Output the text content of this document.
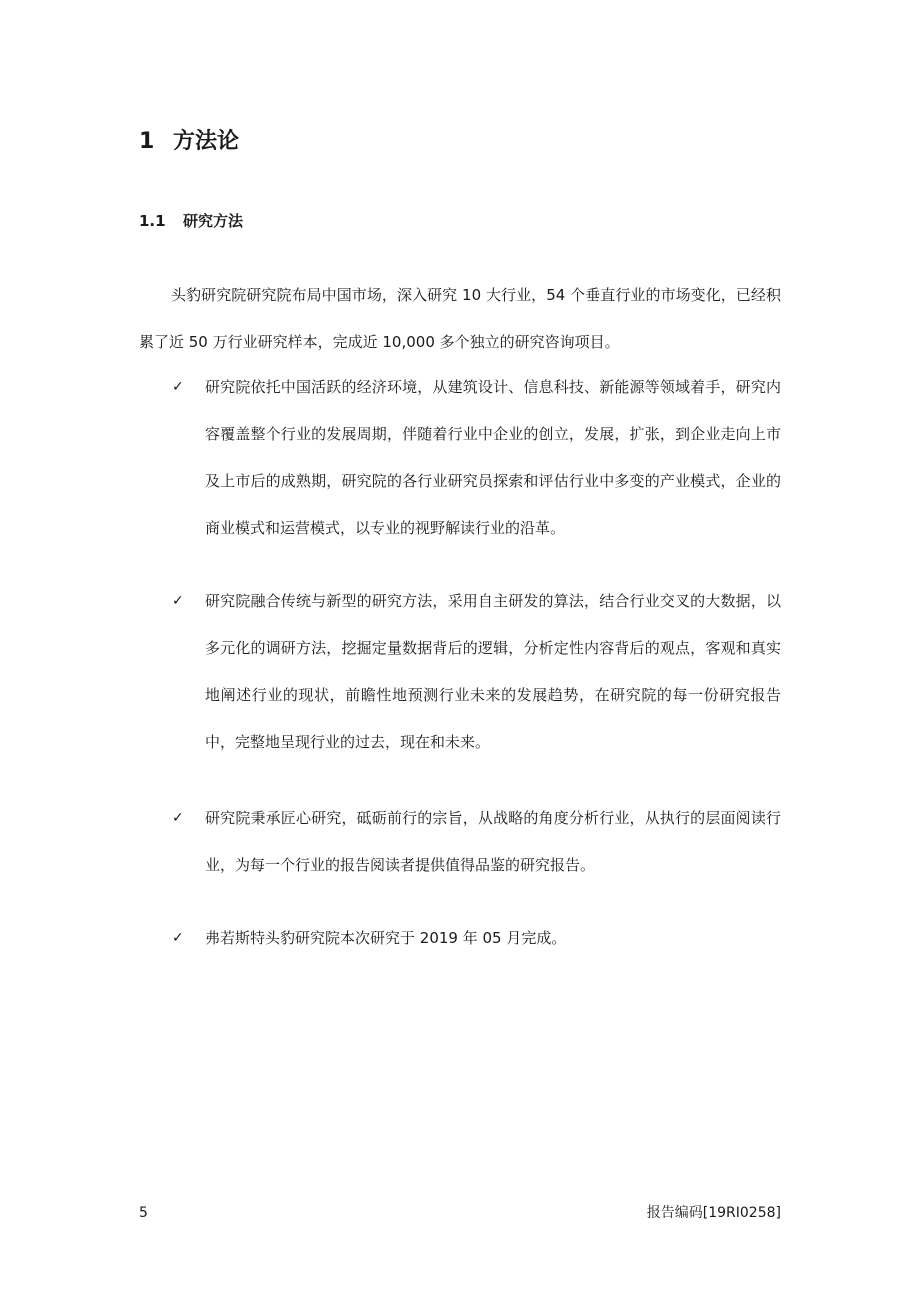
1 方法论
1.1 研究方法

头豹研究院研究院布局中国市场，深入研究 10 大行业，54 个垂直行业的市场变化，已经积累了近 50 万行业研究样本，完成近 10,000 多个独立的研究咨询项目。

✓	研究院依托中国活跃的经济环境，从建筑设计、信息科技、新能源等领域着手，研究内容覆盖整个行业的发展周期，伴随着行业中企业的创立，发展，扩张，到企业走向上市及上市后的成熟期，研究院的各行业研究员探索和评估行业中多变的产业模式，企业的商业模式和运营模式，以专业的视野解读行业的沿革。

✓	研究院融合传统与新型的研究方法，采用自主研发的算法，结合行业交叉的大数据，以多元化的调研方法，挖掘定量数据背后的逻辑，分析定性内容背后的观点，客观和真实地阐述行业的现状，前瞻性地预测行业未来的发展趋势，在研究院的每一份研究报告中，完整地呈现行业的过去，现在和未来。

✓	研究院秉承匠心研究，砥砺前行的宗旨，从战略的角度分析行业，从执行的层面阅读行业，为每一个行业的报告阅读者提供值得品鉴的研究报告。

✓	弗若斯特头豹研究院本次研究于 2019 年 05 月完成。

5	报告编码[19RI0258]
